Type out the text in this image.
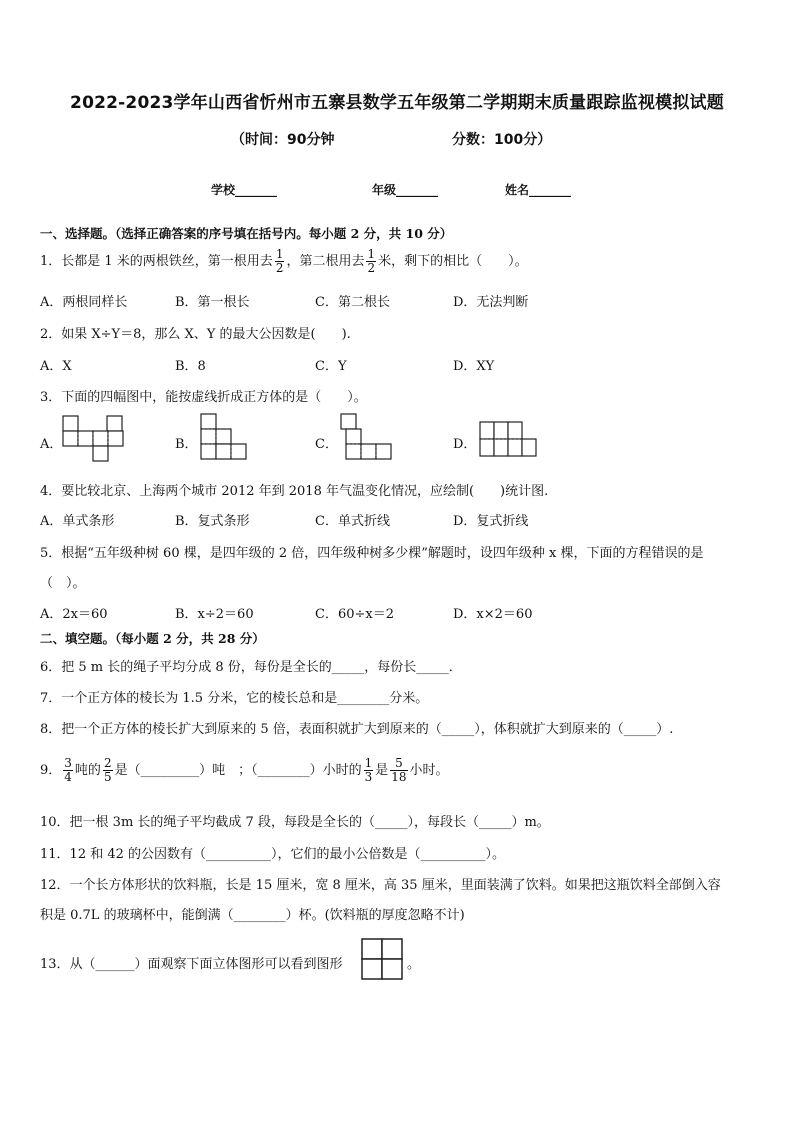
2022-2023学年山西省忻州市五寨县数学五年级第二学期期末质量跟踪监视模拟试题
（时间：90分钟	分数：100分）
学校_______	年级_______	姓名_______
一、选择题。（选择正确答案的序号填在括号内。每小题 2 分，共 10 分）
1．长都是 1 米的两根铁丝，第一根用去 $\frac{1}{2}$ ，第二根用去 $\frac{1}{2}$ 米，剩下的相比（　　）。
A．两根同样长	B．第一根长	C．第二根长	D．无法判断
2．如果 X÷Y＝8，那么 X、Y 的最大公因数是(　　).
A．X	B．8	C．Y	D．XY
3．下面的四幅图中，能按虚线折成正方体的是（　　）。
A．	B．	C．	D．
4．要比较北京、上海两个城市 2012 年到 2018 年气温变化情况，应绘制(　　)统计图.
A．单式条形	B．复式条形	C．单式折线	D．复式折线
5．根据“五年级种树 60 棵，是四年级的 2 倍，四年级种树多少棵”解题时，设四年级种 x 棵，下面的方程错误的是
（　）。
A．2x＝60	B．x÷2＝60	C．60÷x＝2	D．x×2＝60
二、填空题。（每小题 2 分，共 28 分）
6．把 5 m 长的绳子平均分成 8 份，每份是全长的_____，每份长_____．
7．一个正方体的棱长为 1.5 分米，它的棱长总和是________分米。
8．把一个正方体的棱长扩大到原来的 5 倍，表面积就扩大到原来的（_____），体积就扩大到原来的（_____）.
9． $\frac{3}{4}$ 吨的 $\frac{2}{5}$ 是（_________）吨　；（________）小时的 $\frac{1}{3}$ 是 $\frac{5}{18}$ 小时。
10．把一根 3m 长的绳子平均截成 7 段，每段是全长的（_____），每段长（_____）m。
11．12 和 42 的公因数有（__________），它们的最小公倍数是（__________）。
12．一个长方体形状的饮料瓶，长是 15 厘米，宽 8 厘米，高 35 厘米，里面装满了饮料。如果把这瓶饮料全部倒入容
积是 0.7L 的玻璃杯中，能倒满（________）杯。(饮料瓶的厚度忽略不计)
13．从（______）面观察下面立体图形可以看到图形	。
